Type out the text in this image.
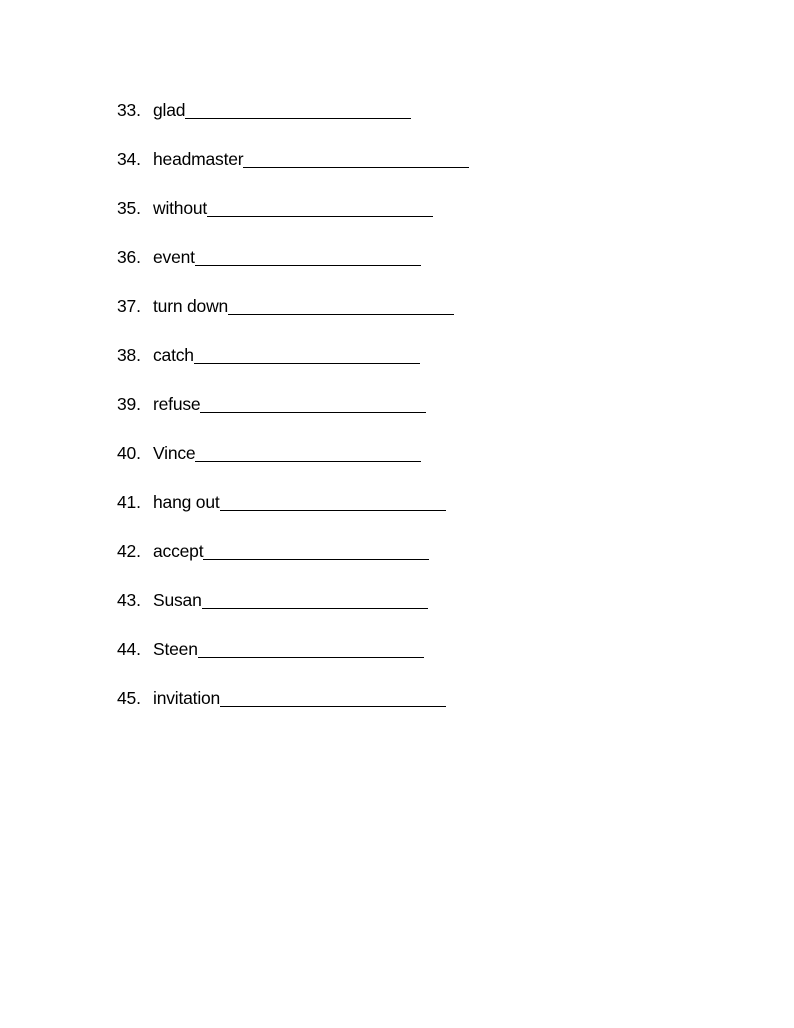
33. glad
34. headmaster
35. without
36. event
37. turn down
38. catch
39. refuse
40. Vince
41. hang out
42. accept
43. Susan
44. Steen
45. invitation
